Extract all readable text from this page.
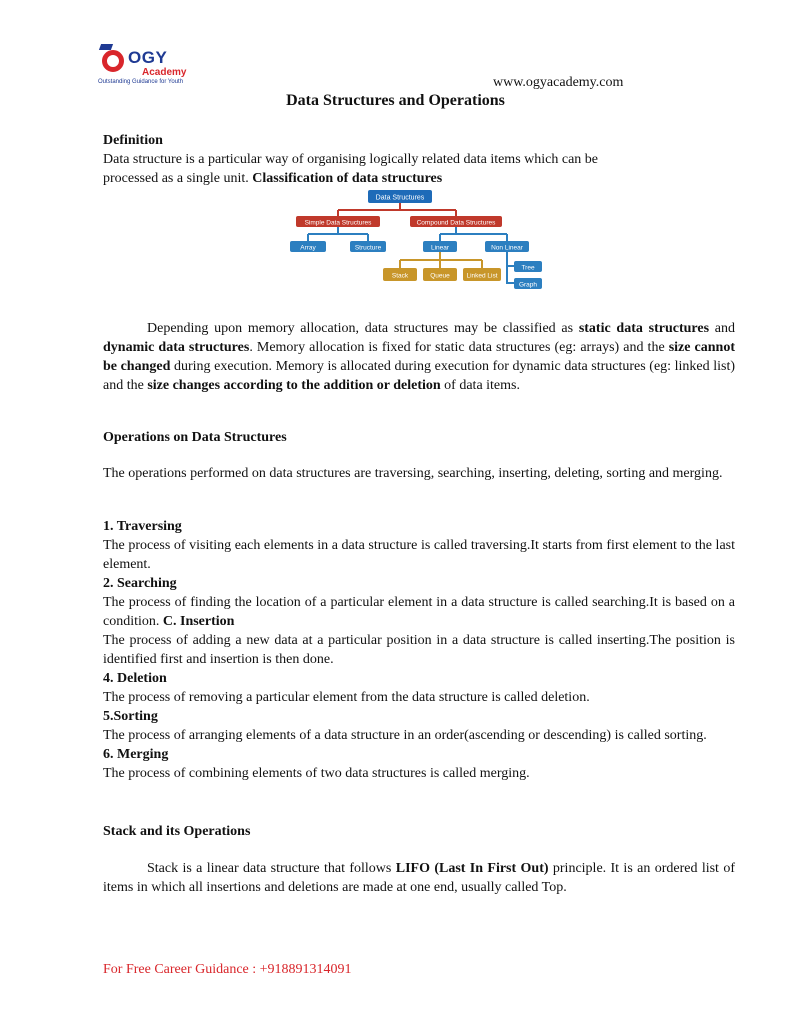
OGY
Academy
Outstanding Guidance for Youth	www.ogyacademy.com
Data Structures and Operations

Definition

Data structure is a particular way of organising logically related data items which can be

processed as a single unit. Classification of data structures

Data Structures
Simple Data Structures	Compound Data Structures
Array	Structure	Linear	Non Linear
Stack	Queue	Linked List
Tree
Graph
Depending upon memory allocation, data structures may be classified as static data structures and dynamic data structures. Memory allocation is fixed for static data structures (eg: arrays) and the size cannot be changed during execution. Memory is allocated during execution for dynamic data structures (eg: linked list) and the size changes according to the addition or deletion of data items.
Operations on Data Structures
The operations performed on data structures are traversing, searching, inserting, deleting, sorting and merging.

1. Traversing

The process of visiting each elements in a data structure is called traversing.It starts from first element to the last element.

2. Searching

The process of finding the location of a particular element in a data structure is called searching.It is based on a condition. C. Insertion

The process of adding a new data at a particular position in a data structure is called inserting.The position is identified first and insertion is then done.

4. Deletion

The process of removing a particular element from the data structure is called deletion.

5.Sorting

The process of arranging elements of a data structure in an order(ascending or descending) is called sorting.

6. Merging

The process of combining elements of two data structures is called merging.

Stack and its Operations
Stack is a linear data structure that follows LIFO (Last In First Out) principle. It is an ordered list of items in which all insertions and deletions are made at one end, usually called Top.
For Free Career Guidance : +918891314091
